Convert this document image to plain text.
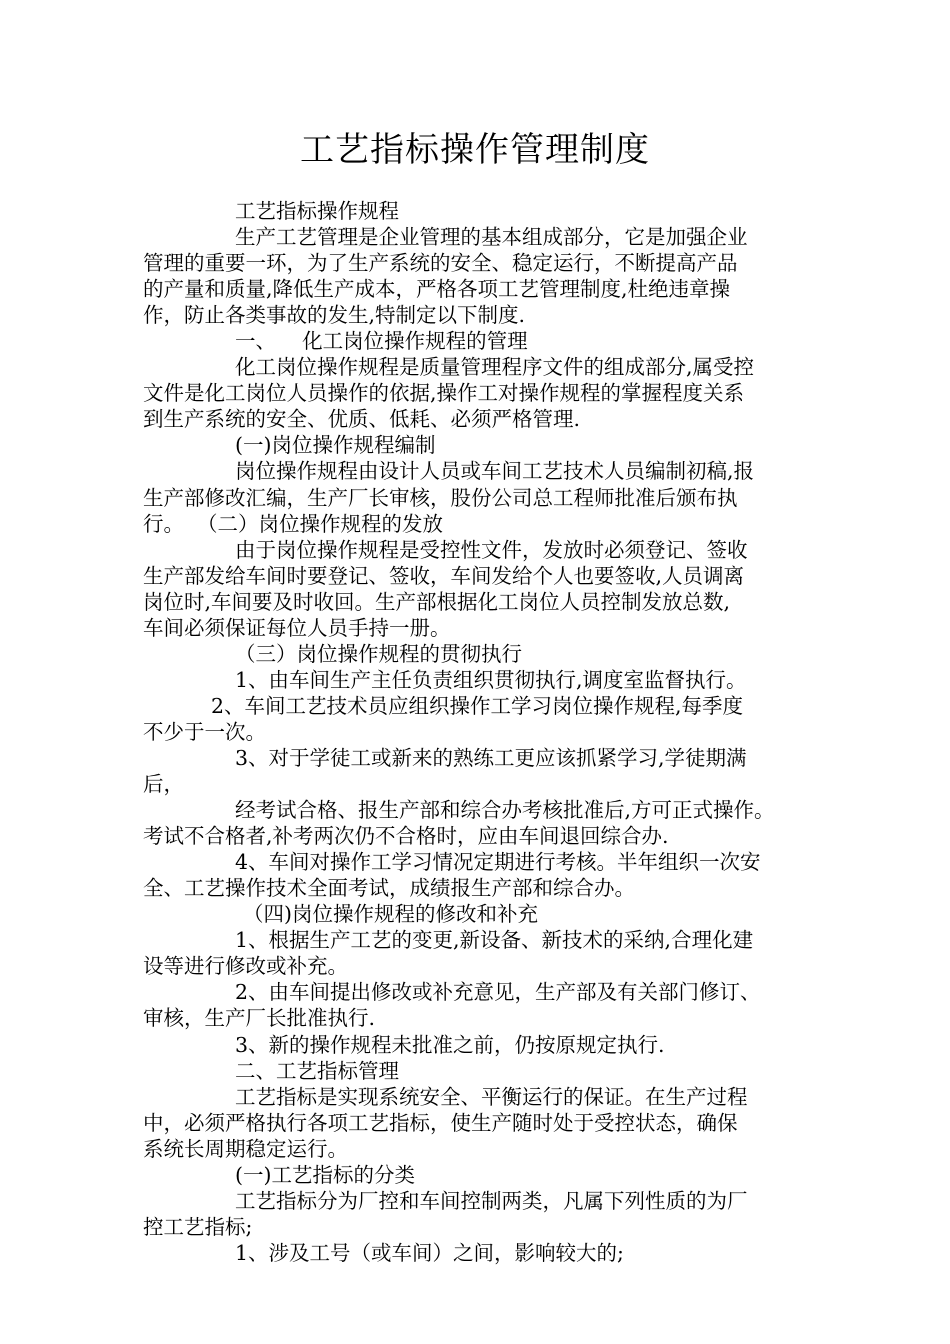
工艺指标操作管理制度
工艺指标操作规程
生产工艺管理是企业管理的基本组成部分，它是加强企业
管理的重要一环，为了生产系统的安全、稳定运行，不断提高产品
的产量和质量,降低生产成本，严格各项工艺管理制度,杜绝违章操
作，防止各类事故的发生,特制定以下制度.
一、    化工岗位操作规程的管理
化工岗位操作规程是质量管理程序文件的组成部分,属受控
文件是化工岗位人员操作的依据,操作工对操作规程的掌握程度关系
到生产系统的安全、优质、低耗、必须严格管理.
(一)岗位操作规程编制
岗位操作规程由设计人员或车间工艺技术人员编制初稿,报
生产部修改汇编，生产厂长审核，股份公司总工程师批准后颁布执
行。  （二）岗位操作规程的发放
由于岗位操作规程是受控性文件，发放时必须登记、签收
生产部发给车间时要登记、签收，车间发给个人也要签收,人员调离
岗位时,车间要及时收回。生产部根据化工岗位人员控制发放总数,
车间必须保证每位人员手持一册。
（三）岗位操作规程的贯彻执行
1、由车间生产主任负责组织贯彻执行,调度室监督执行。
2、车间工艺技术员应组织操作工学习岗位操作规程,每季度
不少于一次。
3、对于学徒工或新来的熟练工更应该抓紧学习,学徒期满
后，
经考试合格、报生产部和综合办考核批准后,方可正式操作。
考试不合格者,补考两次仍不合格时，应由车间退回综合办.
4、车间对操作工学习情况定期进行考核。半年组织一次安
全、工艺操作技术全面考试，成绩报生产部和综合办。
（四)岗位操作规程的修改和补充
1、根据生产工艺的变更,新设备、新技术的采纳,合理化建
设等进行修改或补充。
2、由车间提出修改或补充意见，生产部及有关部门修订、
审核，生产厂长批准执行.
3、新的操作规程未批准之前，仍按原规定执行.
二、工艺指标管理
工艺指标是实现系统安全、平衡运行的保证。在生产过程
中，必须严格执行各项工艺指标，使生产随时处于受控状态，确保
系统长周期稳定运行。
(一)工艺指标的分类
工艺指标分为厂控和车间控制两类，凡属下列性质的为厂
控工艺指标;
1、涉及工号（或车间）之间，影响较大的;
